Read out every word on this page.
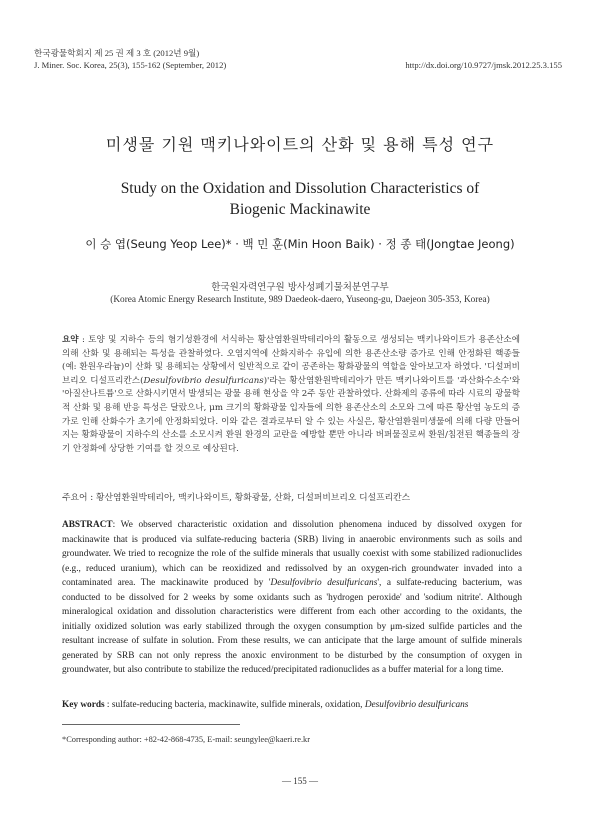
한국광물학회지 제 25 권 제 3 호 (2012년 9월)
J. Miner. Soc. Korea, 25(3), 155-162 (September, 2012)	http://dx.doi.org/10.9727/jmsk.2012.25.3.155
미생물 기원 맥키나와이트의 산화 및 용해 특성 연구
Study on the Oxidation and Dissolution Characteristics of
Biogenic Mackinawite
이 승 엽(Seung Yeop Lee)* · 백 민 훈(Min Hoon Baik) · 정 종 태(Jongtae Jeong)
한국원자력연구원 방사성폐기물처분연구부
(Korea Atomic Energy Research Institute, 989 Daedeok-daero, Yuseong-gu, Daejeon 305-353, Korea)
요약 : 토양 및 지하수 등의 혐기성환경에 서식하는 황산염환원박테리아의 활동으로 생성되는 맥키나와이트가 용존산소에 의해 산화 및 용해되는 특성을 관찰하였다. 오염지역에 산화지하수 유입에 의한 용존산소량 증가로 인해 안정화된 핵종들(예: 환원우라늄)이 산화 및 용해되는 상황에서 일반적으로 같이 공존하는 황화광물의 역할을 알아보고자 하였다. '디설퍼비브리오 디설프리칸스(Desulfovibrio desulfuricans)'라는 황산염환원박테리아가 만든 맥키나와이트를 '과산화수소수'와 '아질산나트륨'으로 산화시키면서 발생되는 광물 용해 현상을 약 2주 동안 관찰하였다. 산화제의 종류에 따라 시료의 광물학적 산화 및 용해 반응 특성은 달랐으나, μm 크기의 황화광물 입자들에 의한 용존산소의 소모와 그에 따른 황산염 농도의 증가로 인해 산화수가 초기에 안정화되었다. 이와 같은 결과로부터 알 수 있는 사실은, 황산염환원미생물에 의해 다량 만들어지는 황화광물이 지하수의 산소를 소모시켜 환원 환경의 교란을 예방할 뿐만 아니라 버퍼물질로써 환원/침전된 핵종들의 장기 안정화에 상당한 기여를 할 것으로 예상된다.
주요어 : 황산염환원박테리아, 맥키나와이트, 황화광물, 산화, 디설퍼비브리오 디설프리칸스
ABSTRACT: We observed characteristic oxidation and dissolution phenomena induced by dissolved oxygen for mackinawite that is produced via sulfate-reducing bacteria (SRB) living in anaerobic environments such as soils and groundwater. We tried to recognize the role of the sulfide minerals that usually coexist with some stabilized radionuclides (e.g., reduced uranium), which can be reoxidized and redissolved by an oxygen-rich groundwater invaded into a contaminated area. The mackinawite produced by 'Desulfovibrio desulfuricans', a sulfate-reducing bacterium, was conducted to be dissolved for 2 weeks by some oxidants such as 'hydrogen peroxide' and 'sodium nitrite'. Although mineralogical oxidation and dissolution characteristics were different from each other according to the oxidants, the initially oxidized solution was early stabilized through the oxygen consumption by μm-sized sulfide particles and the resultant increase of sulfate in solution. From these results, we can anticipate that the large amount of sulfide minerals generated by SRB can not only repress the anoxic environment to be disturbed by the consumption of oxygen in groundwater, but also contribute to stabilize the reduced/precipitated radionuclides as a buffer material for a long time.
Key words : sulfate-reducing bacteria, mackinawite, sulfide minerals, oxidation, Desulfovibrio desulfuricans
*Corresponding author: +82-42-868-4735, E-mail: seungylee@kaeri.re.kr
— 155 —
